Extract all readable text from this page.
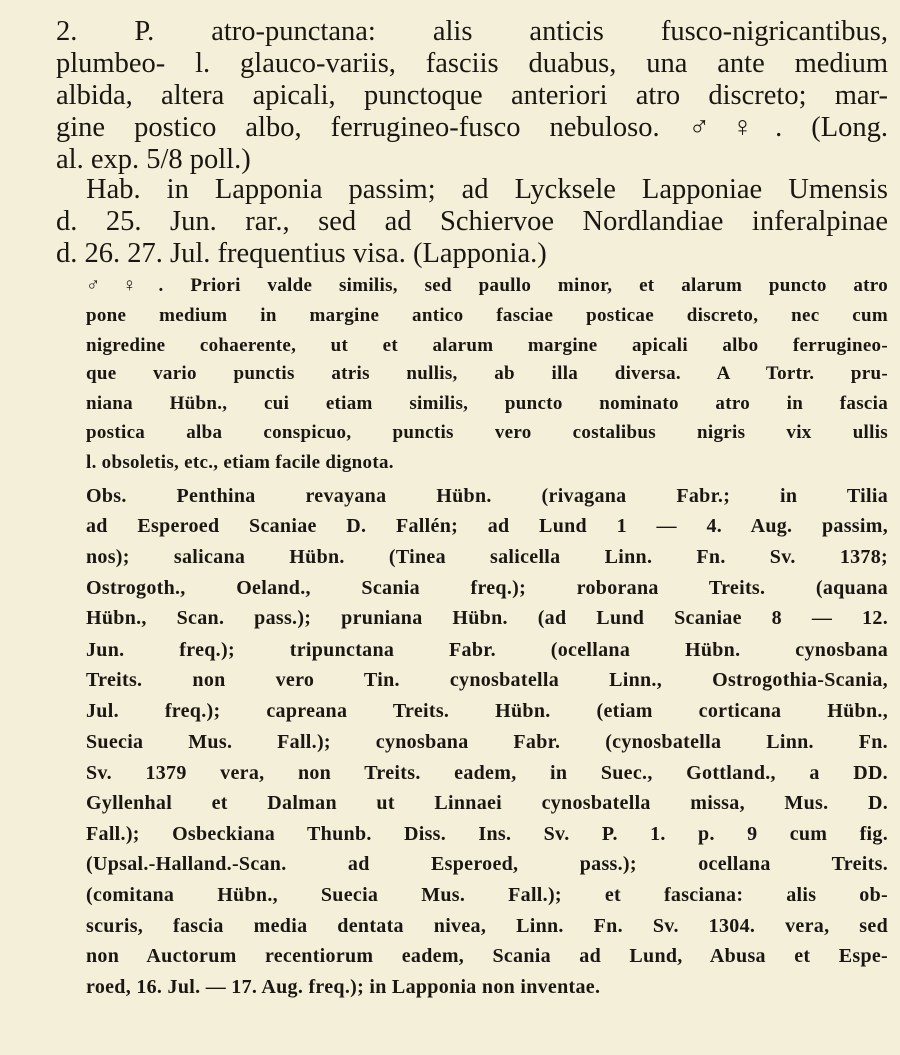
2. P. atro-punctana: alis anticis fusco-nigricantibus,
plumbeo- l. glauco-variis, fasciis duabus, una ante medium
albida, altera apicali, punctoque anteriori atro discreto; mar-
gine postico albo, ferrugineo-fusco nebuloso. ♂♀. (Long.
al. exp. 5/8 poll.)
Hab. in Lapponia passim; ad Lycksele Lapponiae Umensis
d. 25. Jun. rar., sed ad Schiervoe Nordlandiae inferalpinae
d. 26. 27. Jul. frequentius visa. (Lapponia.)
♂♀. Priori valde similis, sed paullo minor, et alarum puncto atro
pone medium in margine antico fasciae posticae discreto, nec cum
nigredine cohaerente, ut et alarum margine apicali albo ferrugineo-
que vario punctis atris nullis, ab illa diversa. A Tortr. pru-
niana Hübn., cui etiam similis, puncto nominato atro in fascia
postica alba conspicuo, punctis vero costalibus nigris vix ullis
l. obsoletis, etc., etiam facile dignota.
Obs. Penthina revayana Hübn. (rivagana Fabr.; in Tilia
ad Esperoed Scaniae D. Fallén; ad Lund 1 — 4. Aug. passim,
nos); salicana Hübn. (Tinea salicella Linn. Fn. Sv. 1378;
Ostrogoth., Oeland., Scania freq.); roborana Treits. (aquana
Hübn., Scan. pass.); pruniana Hübn. (ad Lund Scaniae 8 — 12.
Jun. freq.); tripunctana Fabr. (ocellana Hübn. cynosbana
Treits. non vero Tin. cynosbatella Linn., Ostrogothia-Scania,
Jul. freq.); capreana Treits. Hübn. (etiam corticana Hübn.,
Suecia Mus. Fall.); cynosbana Fabr. (cynosbatella Linn. Fn.
Sv. 1379 vera, non Treits. eadem, in Suec., Gottland., a DD.
Gyllenhal et Dalman ut Linnaei cynosbatella missa, Mus. D.
Fall.); Osbeckiana Thunb. Diss. Ins. Sv. P. 1. p. 9 cum fig.
(Upsal.-Halland.-Scan. ad Esperoed, pass.); ocellana Treits.
(comitana Hübn., Suecia Mus. Fall.); et fasciana: alis ob-
scuris, fascia media dentata nivea, Linn. Fn. Sv. 1304. vera, sed
non Auctorum recentiorum eadem, Scania ad Lund, Abusa et Espe-
roed, 16. Jul. — 17. Aug. freq.); in Lapponia non inventae.
